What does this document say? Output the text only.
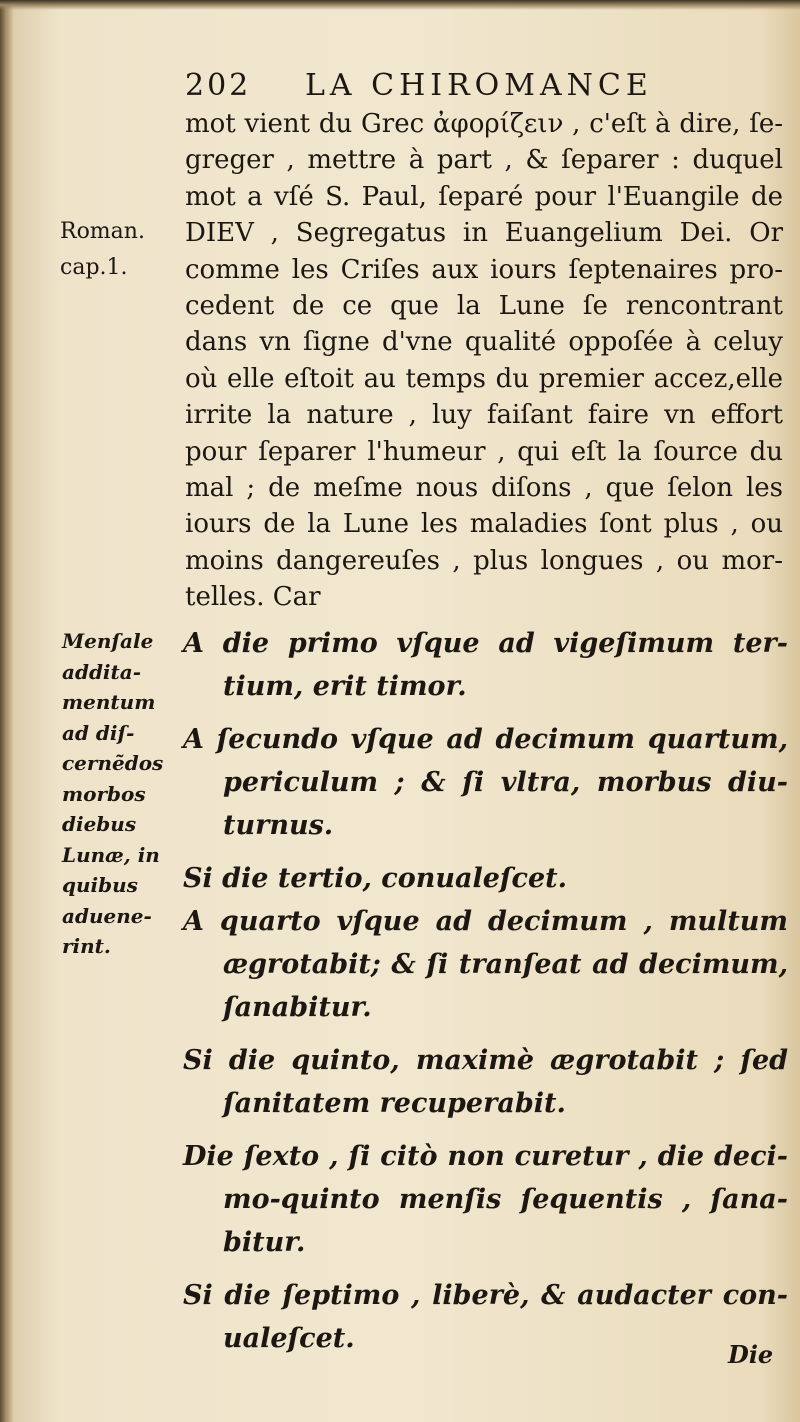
202 LA CHIROMANCE
Roman.
cap.1.
mot vient du Grec ἀφορίζειν , c'eſt à dire, ſe-
greger , mettre à part , & ſeparer : duquel
mot a vſé S. Paul, ſeparé pour l'Euangile de
DIEV , Segregatus in Euangelium Dei. Or
comme les Criſes aux iours ſeptenaires pro-
cedent de ce que la Lune ſe rencontrant
dans vn ſigne d'vne qualité oppoſée à celuy
où elle eſtoit au temps du premier accez,elle
irrite la nature , luy faiſant faire vn effort
pour ſeparer l'humeur , qui eſt la ſource du
mal ; de meſme nous diſons , que ſelon les
iours de la Lune les maladies ſont plus , ou
moins dangereuſes , plus longues , ou mor-
telles. Car
Menſale
additа-
mentum
ad diſ-
cernẽdos
morbos
diebus
Lunæ, in
quibus
aduene-
rint.
A die primo vſque ad vigeſimum ter-
tium, erit timor.
A ſecundo vſque ad decimum quartum,
periculum ; & ſi vltra, morbus diu-
turnus.
Si die tertio, conualeſcet.
A quarto vſque ad decimum , multum
ægrotabit; & ſi tranſeat ad decimum,
ſanabitur.
Si die quinto, maximè ægrotabit ; ſed
ſanitatem recuperabit.
Die ſexto , ſi citò non curetur , die deci-
mo-quinto menſis ſequentis , ſana-
bitur.
Si die ſeptimo , liberè, & audacter con-
ualeſcet.
Die
